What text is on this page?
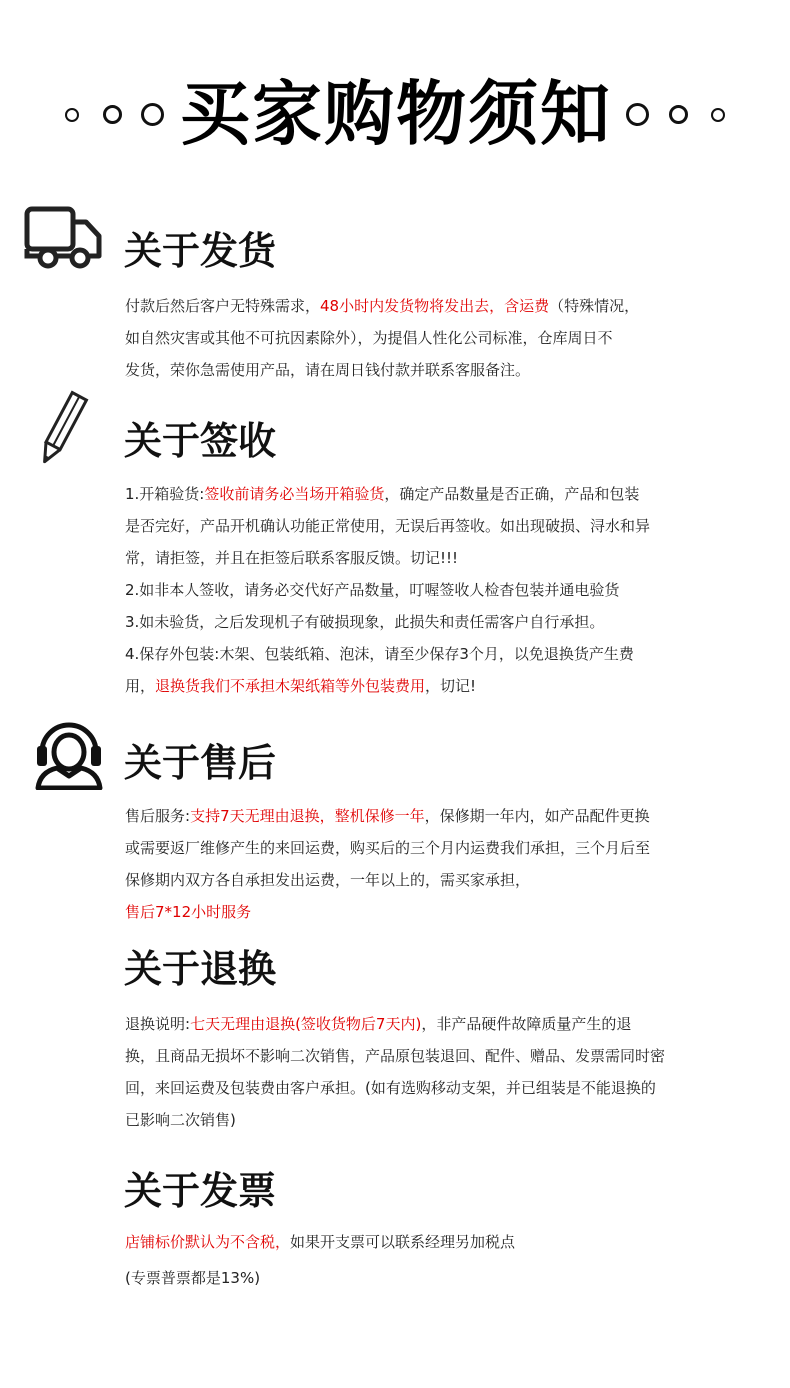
买家购物须知
关于发货
付款后然后客户无特殊需求，48小时内发货物将发出去，含运费（特殊情况，
如自然灾害或其他不可抗因素除外），为提倡人性化公司标准，仓库周日不
发货，荣你急需使用产品，请在周日钱付款并联系客服备注。
关于签收
1.开箱验货:签收前请务必当场开箱验货，确定产品数量是否正确，产品和包装
是否完好，产品开机确认功能正常使用，无误后再签收。如出现破损、浔水和异
常，请拒签，并且在拒签后联系客服反馈。切记!!!
2.如非本人签收，请务必交代好产品数量，叮喔签收人检杳包装并通电验货
3.如未验货，之后发现机子有破损现象，此损失和责任需客户自行承担。
4.保存外包装:木架、包装纸箱、泡沫，请至少保存3个月，以免退换货产生费
用，退换货我们不承担木架纸箱等外包装费用，切记!
关于售后
售后服务:支持7天无理由退换，整机保修一年，保修期一年内，如产品配件更换
或需要返厂维修产生的来回运费，购买后的三个月内运费我们承担，三个月后至
保修期内双方各自承担发出运费，一年以上的，需买家承担，
售后7*12小时服务
关于退换
退换说明:七天无理由退换(签收货物后7天内)，非产品硬件故障质量产生的退
换，且商品无损坏不影响二次销售，产品原包装退回、配件、赠品、发票需同时密
回，来回运费及包装费由客户承担。(如有选购移动支架，并已组装是不能退换的
已影响二次销售)
关于发票
店铺标价默认为不含税，如果开支票可以联系经理另加税点
(专票普票都是13%)
